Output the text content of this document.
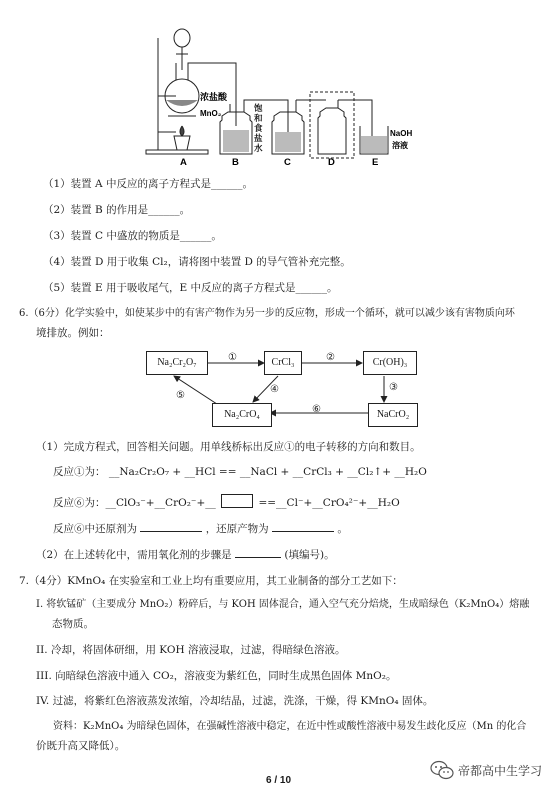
A	B	C	D	E
浓盐酸
MnO₂
NaOH
溶液
饱和食盐水
（1）装置 A 中反应的离子方程式是______。
（2）装置 B 的作用是______。
（3）装置 C 中盛放的物质是______。
（4）装置 D 用于收集 Cl₂，请将图中装置 D 的导气管补充完整。
（5）装置 E 用于吸收尾气，E 中反应的离子方程式是______。
6.（6分）化学实验中，如使某步中的有害产物作为另一步的反应物，形成一个循环，就可以减少该有害物质向环
境排放。例如：
Na₂Cr₂O₇	CrCl₃	Cr(OH)₃
NaCrO₂
Na₂CrO₄
①	②
③
④
⑤
⑥
（1）完成方程式，回答相关问题。用单线桥标出反应①的电子转移的方向和数目。
反应①为： __Na₂Cr₂O₇ + __HCl == __NaCl + __CrCl₃ + __Cl₂↑+ __H₂O
反应⑥为：__ClO₃⁻+__CrO₂⁻+__	==__Cl⁻+__CrO₄²⁻+__H₂O
反应⑥中还原剂为	，还原产物为	。
（2）在上述转化中，需用氧化剂的步骤是	(填编号)。
7.（4分）KMnO₄ 在实验室和工业上均有重要应用，其工业制备的部分工艺如下：
I. 将软锰矿（主要成分 MnO₂）粉碎后，与 KOH 固体混合，通入空气充分焙烧，生成暗绿色（K₂MnO₄）熔融
态物质。
II. 冷却，将固体研细，用 KOH 溶液浸取，过滤，得暗绿色溶液。
III. 向暗绿色溶液中通入 CO₂，溶液变为紫红色，同时生成黑色固体 MnO₂。
IV. 过滤，将紫红色溶液蒸发浓缩，冷却结晶，过滤，洗涤，干燥，得 KMnO₄ 固体。
资料：K₂MnO₄ 为暗绿色固体，在强碱性溶液中稳定，在近中性或酸性溶液中易发生歧化反应（Mn 的化合
价既升高又降低）。
6 / 10
帝都高中生学习
